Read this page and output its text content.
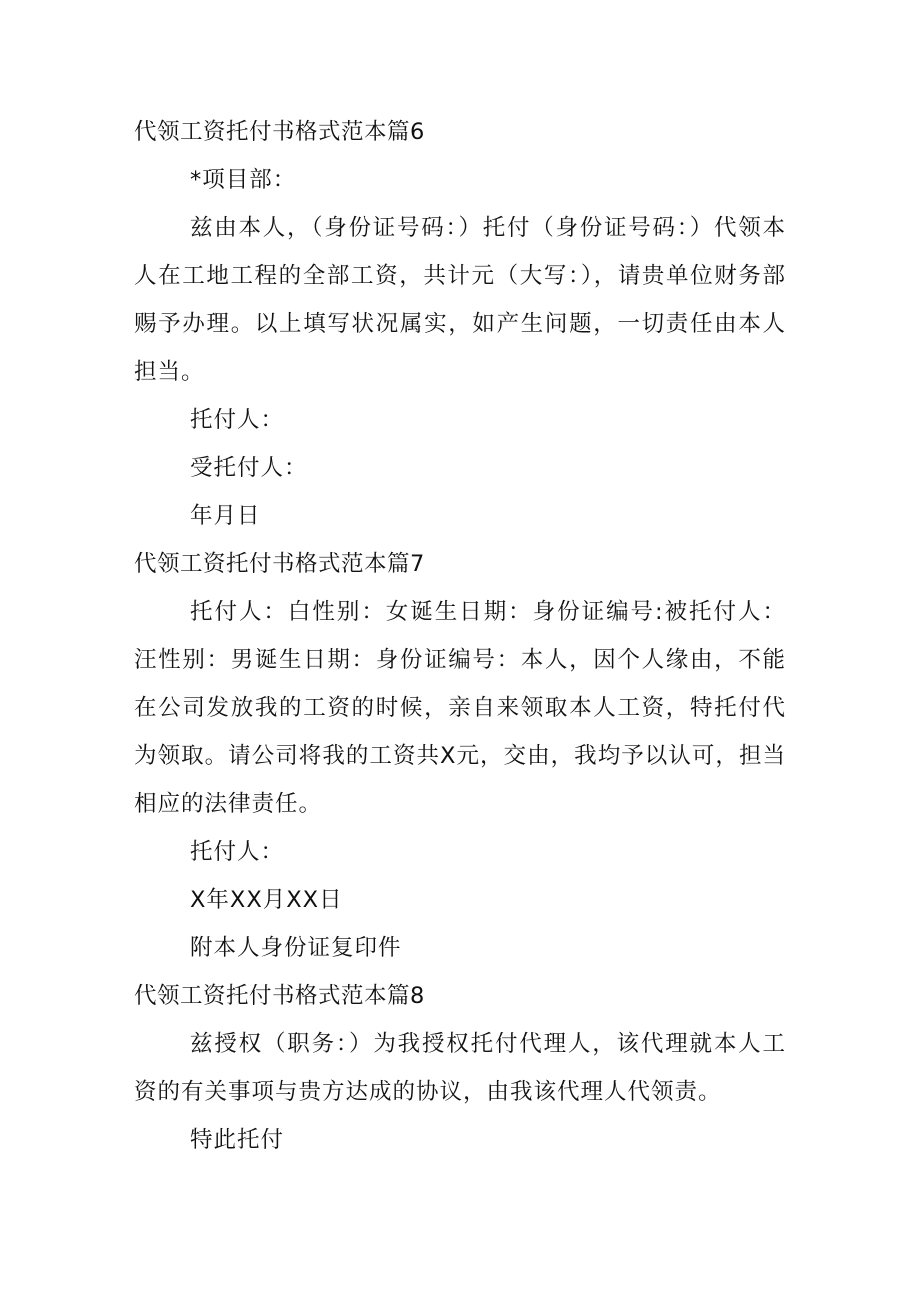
代领工资托付书格式范本篇6
*项目部：

兹由本人，（身份证号码：）托付（身份证号码：）代领本人在工地工程的全部工资，共计元（大写：），请贵单位财务部赐予办理。以上填写状况属实，如产生问题，一切责任由本人担当。

托付人：
受托付人：
年月日
代领工资托付书格式范本篇7

托付人：白性别：女诞生日期：身份证编号:被托付人：汪性别：男诞生日期：身份证编号：本人，因个人缘由，不能在公司发放我的工资的时候，亲自来领取本人工资，特托付代为领取。请公司将我的工资共X元，交由，我均予以认可，担当相应的法律责任。

托付人：
X年XX月XX日
附本人身份证复印件
代领工资托付书格式范本篇8

兹授权（职务：）为我授权托付代理人，该代理就本人工资的有关事项与贵方达成的协议，由我该代理人代领责。

特此托付
